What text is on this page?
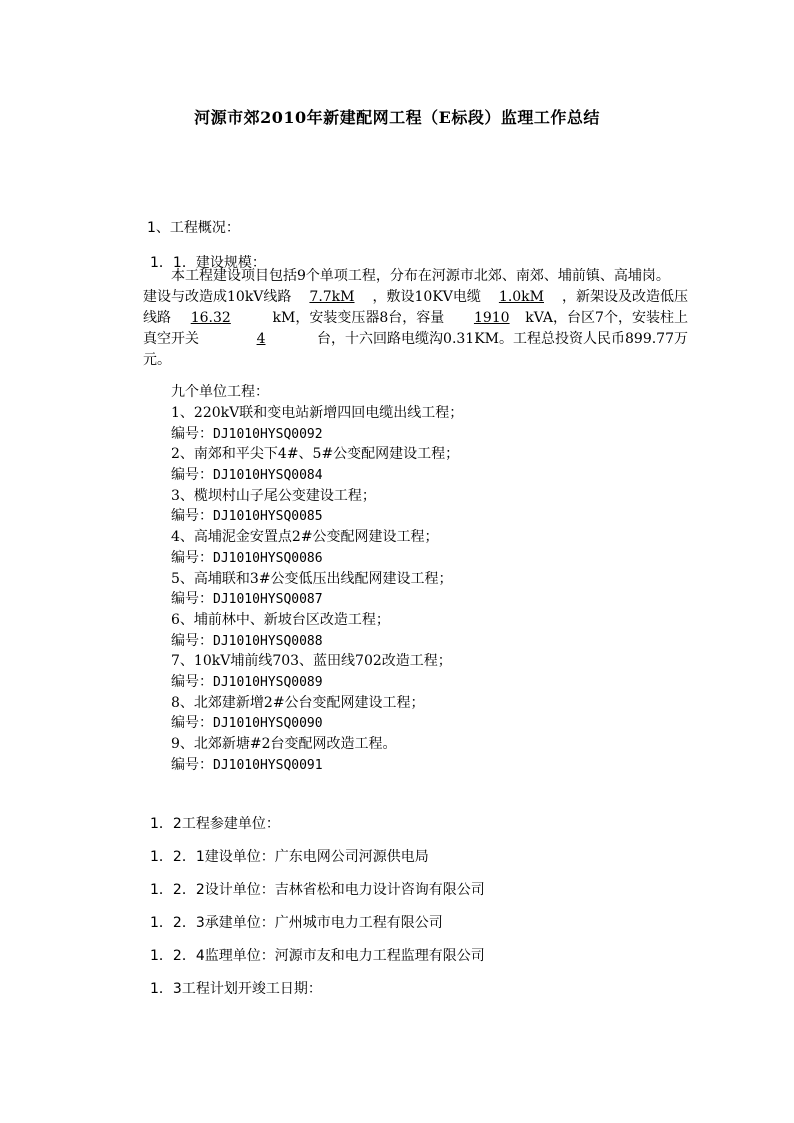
河源市郊2010年新建配网工程（E标段）监理工作总结
1、工程概况：
1．1．建设规模：
本工程建设项目包括9个单项工程，分布在河源市北郊、南郊、埔前镇、高埔岗。
建设与改造成10kV线路 7.7kM ，敷设10KV电缆 1.0kM ，新架设及改造低压
线路 16.32	kM，安装变压器8台，容量	1910 kVA，台区7个，安装柱上
真空开关	4	台，十六回路电缆沟0.31KM。工程总投资人民币899.77万
元。
九个单位工程：
1、220kV联和变电站新增四回电缆出线工程；
编号：DJ1010HYSQ0092
2、南郊和平尖下4#、5#公变配网建设工程；
编号：DJ1010HYSQ0084
3、榄坝村山子尾公变建设工程；
编号：DJ1010HYSQ0085
4、高埔泥金安置点2#公变配网建设工程；
编号：DJ1010HYSQ0086
5、高埔联和3#公变低压出线配网建设工程；
编号：DJ1010HYSQ0087
6、埔前林中、新坡台区改造工程；
编号：DJ1010HYSQ0088
7、10kV埔前线703、蓝田线702改造工程；
编号：DJ1010HYSQ0089
8、北郊建新增2#公台变配网建设工程；
编号：DJ1010HYSQ0090
9、北郊新塘#2台变配网改造工程。
编号：DJ1010HYSQ0091
1．2工程参建单位：
1．2．1建设单位：广东电网公司河源供电局
1．2．2设计单位：吉林省松和电力设计咨询有限公司
1．2．3承建单位：广州城市电力工程有限公司
1．2．4监理单位：河源市友和电力工程监理有限公司
1．3工程计划开竣工日期：
